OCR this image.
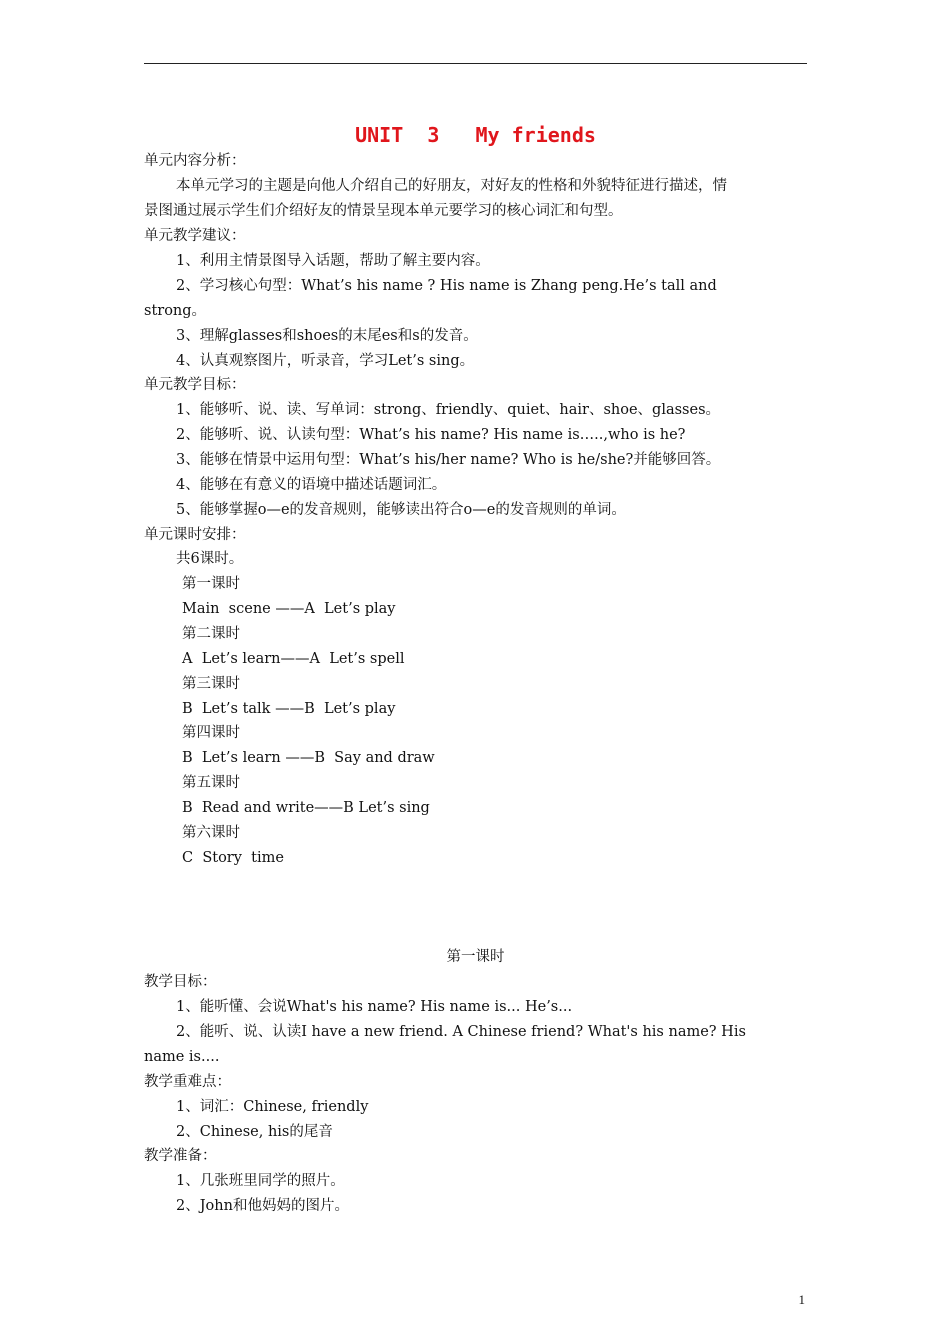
UNIT  3   My friends
单元内容分析：
本单元学习的主题是向他人介绍自己的好朋友，对好友的性格和外貌特征进行描述，情
景图通过展示学生们介绍好友的情景呈现本单元要学习的核心词汇和句型。
单元教学建议：
1、利用主情景图导入话题，帮助了解主要内容。
2、学习核心句型：What’s his name ? His name is Zhang peng.He’s tall and
strong。
3、理解glasses和shoes的末尾es和s的发音。
4、认真观察图片，听录音，学习Let’s sing。
单元教学目标：
1、能够听、说、读、写单词：strong、friendly、quiet、hair、shoe、glasses。
2、能够听、说、认读句型：What’s his name? His name is…..,who is he?
3、能够在情景中运用句型：What’s his/her name? Who is he/she?并能够回答。
4、能够在有意义的语境中描述话题词汇。
5、能够掌握o—e的发音规则，能够读出符合o—e的发音规则的单词。
单元课时安排：
共6课时。
第一课时
Main  scene ——A  Let’s play
第二课时
A  Let’s learn——A  Let’s spell
第三课时
B  Let’s talk ——B  Let’s play
第四课时
B  Let’s learn ——B  Say and draw
第五课时
B  Read and write——B Let’s sing
第六课时
C  Story  time
第一课时
教学目标：
1、能听懂、会说What's his name? His name is... He’s...
2、能听、说、认读I have a new friend. A Chinese friend? What's his name? His
name is....
教学重难点：
1、词汇：Chinese, friendly
2、Chinese, his的尾音
教学准备：
1、几张班里同学的照片。
2、John和他妈妈的图片。
1
